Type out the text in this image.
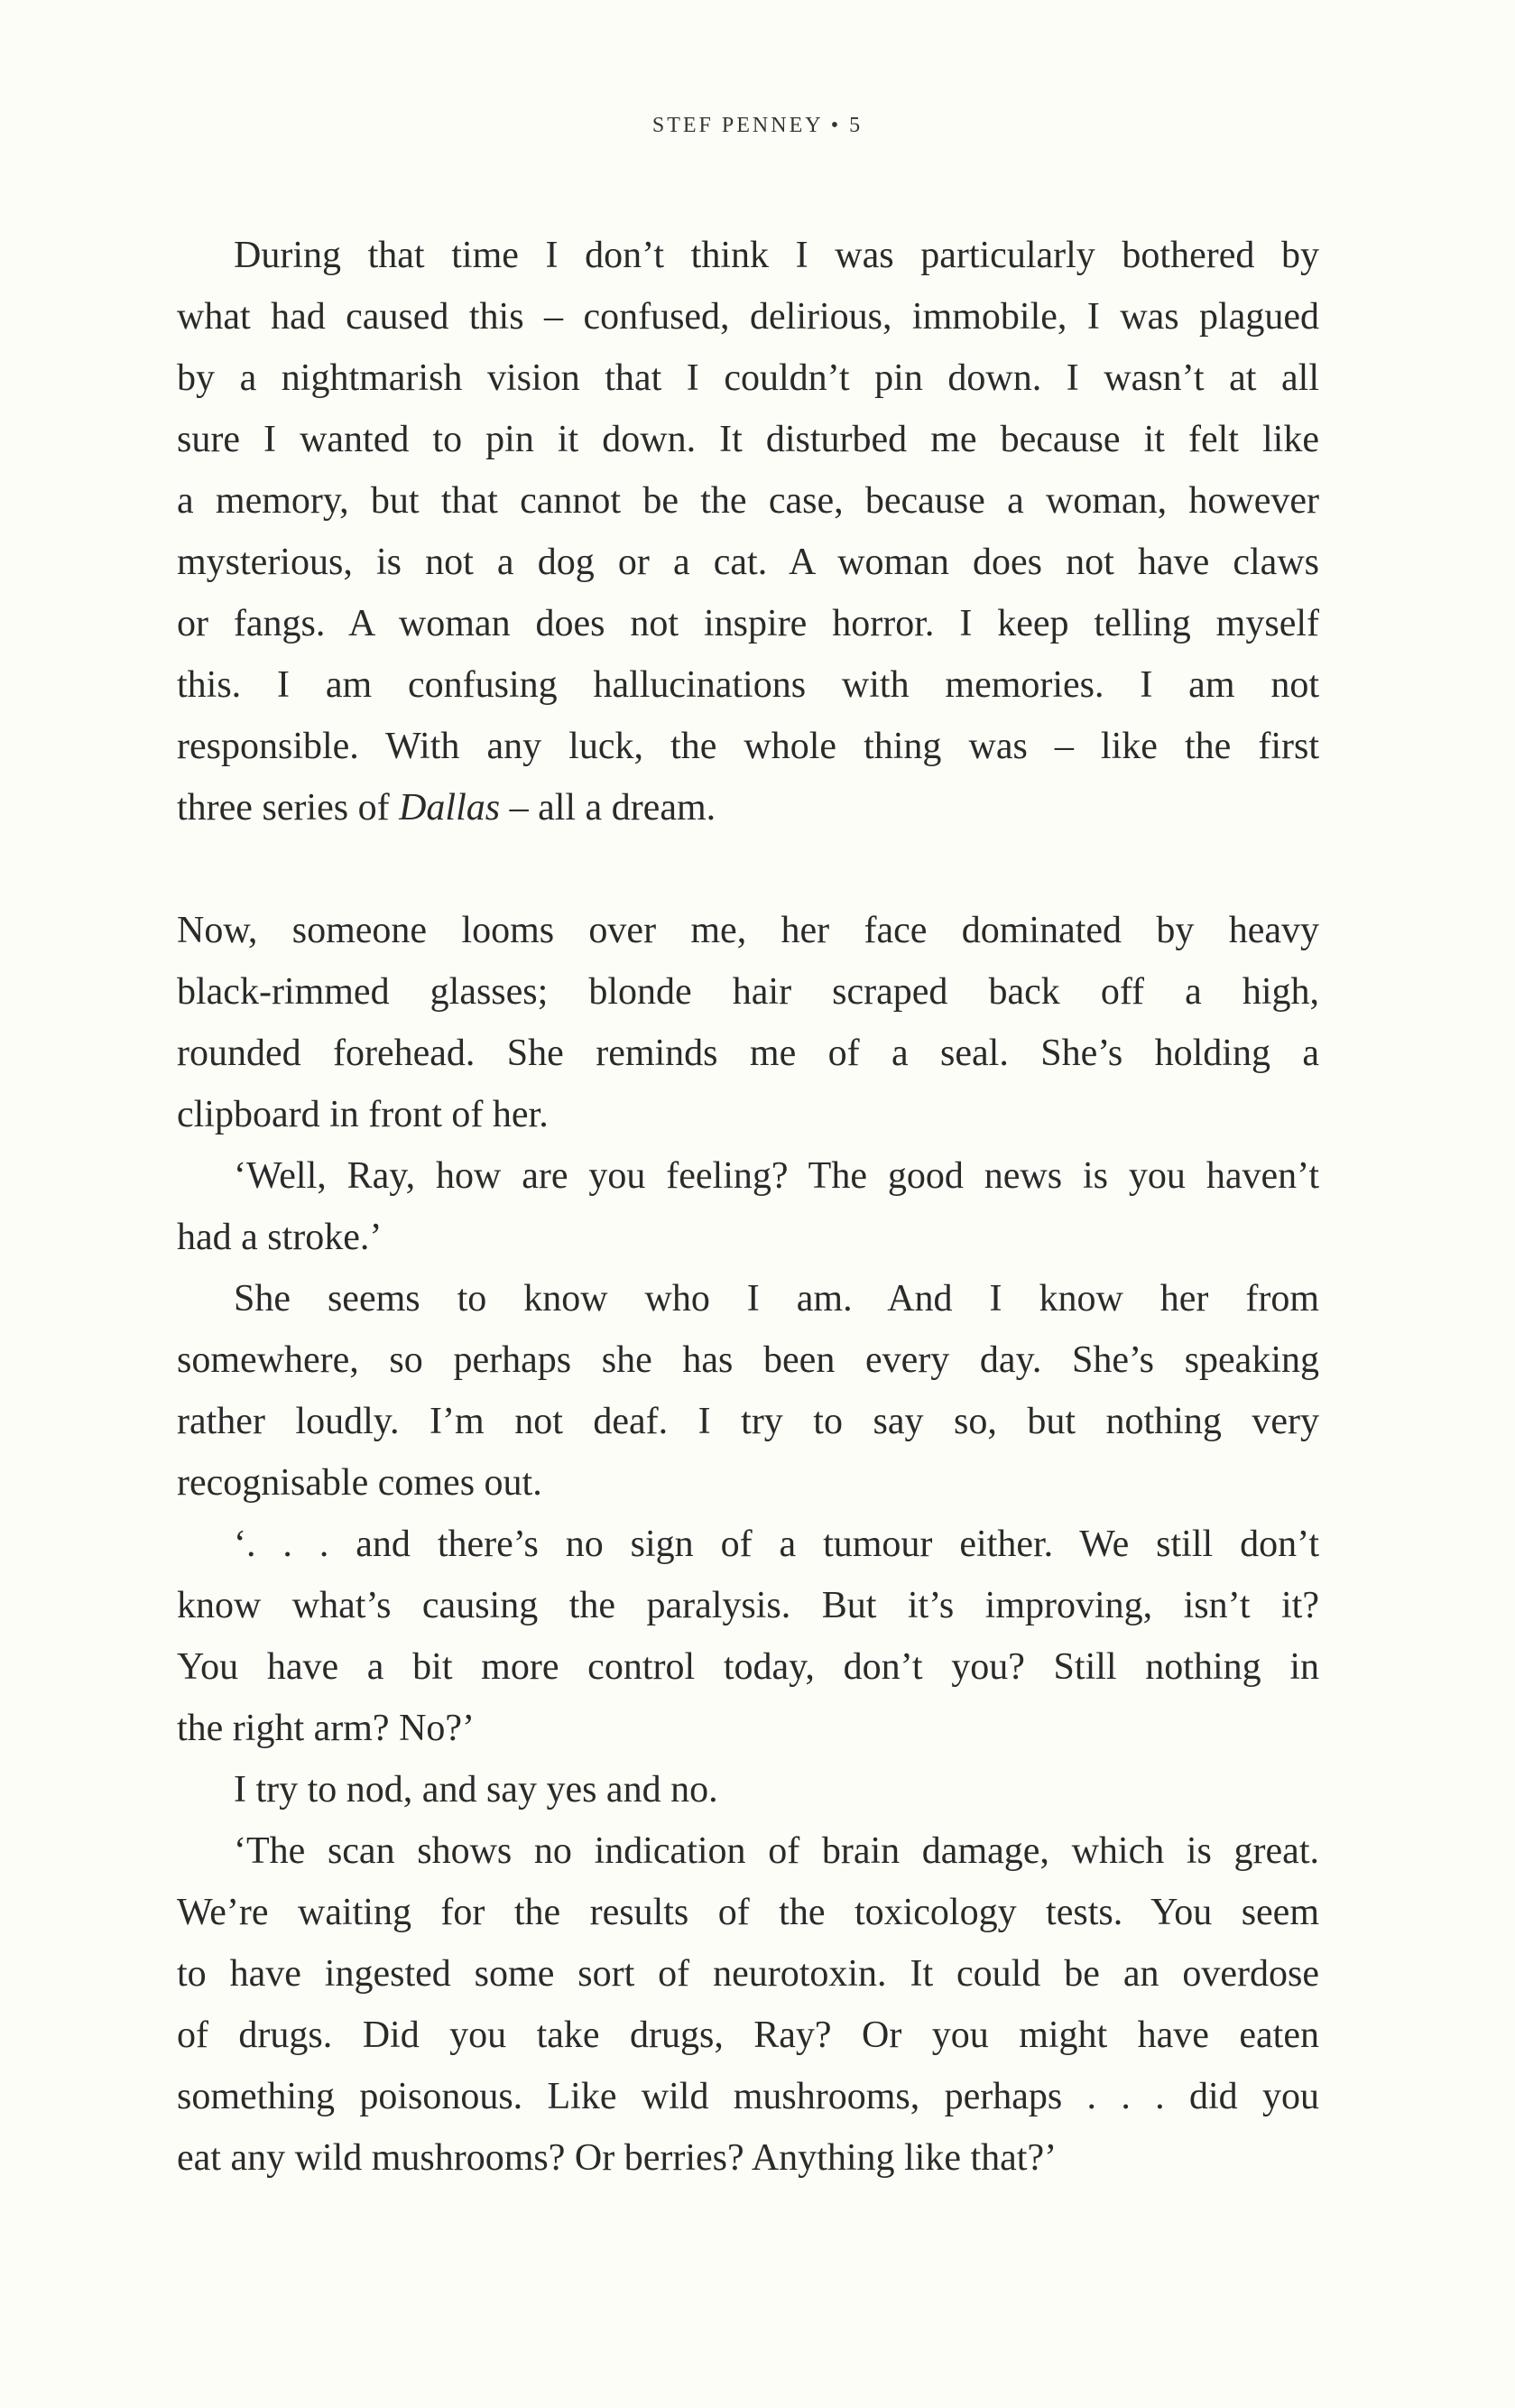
STEF PENNEY • 5
During that time I don’t think I was particularly bothered by
what had caused this – confused, delirious, immobile, I was plagued
by a nightmarish vision that I couldn’t pin down. I wasn’t at all
sure I wanted to pin it down. It disturbed me because it felt like
a memory, but that cannot be the case, because a woman, however
mysterious, is not a dog or a cat. A woman does not have claws
or fangs. A woman does not inspire horror. I keep telling myself
this. I am confusing hallucinations with memories. I am not
responsible. With any luck, the whole thing was – like the first
three series of Dallas – all a dream.
Now, someone looms over me, her face dominated by heavy
black-rimmed glasses; blonde hair scraped back off a high,
rounded forehead. She reminds me of a seal. She’s holding a
clipboard in front of her.
‘Well, Ray, how are you feeling? The good news is you haven’t
had a stroke.’
She seems to know who I am. And I know her from
somewhere, so perhaps she has been every day. She’s speaking
rather loudly. I’m not deaf. I try to say so, but nothing very
recognisable comes out.
‘. . . and there’s no sign of a tumour either. We still don’t
know what’s causing the paralysis. But it’s improving, isn’t it?
You have a bit more control today, don’t you? Still nothing in
the right arm? No?’
I try to nod, and say yes and no.
‘The scan shows no indication of brain damage, which is great.
We’re waiting for the results of the toxicology tests. You seem
to have ingested some sort of neurotoxin. It could be an overdose
of drugs. Did you take drugs, Ray? Or you might have eaten
something poisonous. Like wild mushrooms, perhaps . . . did you
eat any wild mushrooms? Or berries? Anything like that?’
